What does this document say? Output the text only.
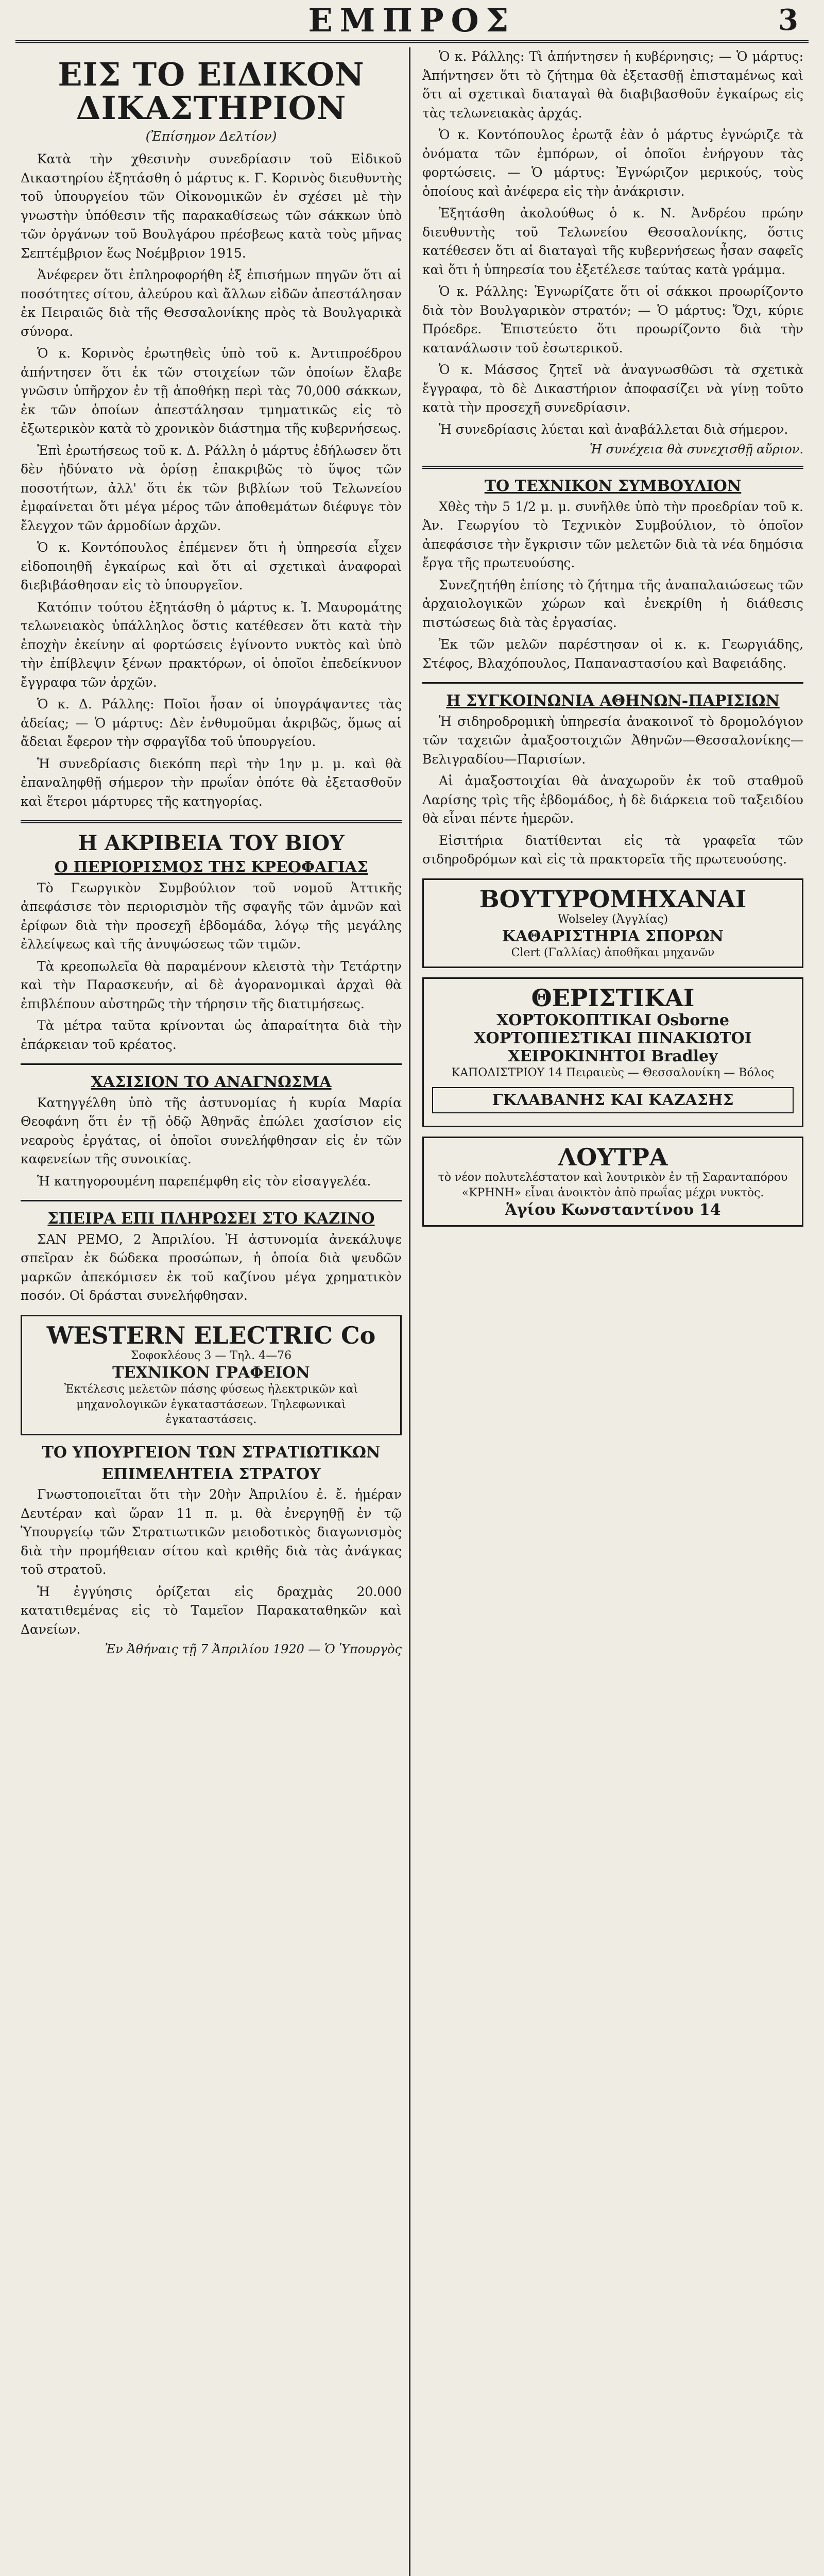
ΕΜΠΡΟΣ	3
ΕΙΣ ΤΟ ΕΙΔΙΚΟΝ ΔΙΚΑΣΤΗΡΙΟΝ
(Ἐπίσημον Δελτίον)

Κατὰ τὴν χθεσινὴν συνεδρίασιν τοῦ Εἰδικοῦ Δικαστηρίου ἐξητάσθη ὁ μάρτυς κ. Γ. Κορινὸς διευθυντὴς τοῦ ὑπουργείου τῶν Οἰκονομικῶν ἐν σχέσει μὲ τὴν γνωστὴν ὑπόθεσιν τῆς παρακαθίσεως τῶν σάκκων ὑπὸ τῶν ὀργάνων τοῦ Βουλγάρου πρέσβεως κατὰ τοὺς μῆνας Σεπτέμβριον ἕως Νοέμβριον 1915.

Ἀνέφερεν ὅτι ἐπληροφορήθη ἐξ ἐπισήμων πηγῶν ὅτι αἱ ποσότητες σίτου, ἀλεύρου καὶ ἄλλων εἰδῶν ἀπεστάλησαν ἐκ Πειραιῶς διὰ τῆς Θεσσαλονίκης πρὸς τὰ Βουλγαρικὰ σύνορα.

Ὁ κ. Κορινὸς ἐρωτηθεὶς ὑπὸ τοῦ κ. Ἀντιπροέδρου ἀπήντησεν ὅτι ἐκ τῶν στοιχείων τῶν ὁποίων ἔλαβε γνῶσιν ὑπῆρχον ἐν τῇ ἀποθήκῃ περὶ τὰς 70,000 σάκκων, ἐκ τῶν ὁποίων ἀπεστάλησαν τμηματικῶς εἰς τὸ ἐξωτερικὸν κατὰ τὸ χρονικὸν διάστημα τῆς κυβερνήσεως.

Ἐπὶ ἐρωτήσεως τοῦ κ. Δ. Ράλλη ὁ μάρτυς ἐδήλωσεν ὅτι δὲν ἠδύνατο νὰ ὁρίσῃ ἐπακριβῶς τὸ ὕψος τῶν ποσοτήτων, ἀλλ' ὅτι ἐκ τῶν βιβλίων τοῦ Τελωνείου ἐμφαίνεται ὅτι μέγα μέρος τῶν ἀποθεμάτων διέφυγε τὸν ἔλεγχον τῶν ἁρμοδίων ἀρχῶν.

Ὁ κ. Κοντόπουλος ἐπέμενεν ὅτι ἡ ὑπηρεσία εἶχεν εἰδοποιηθῆ ἐγκαίρως καὶ ὅτι αἱ σχετικαὶ ἀναφοραὶ διεβιβάσθησαν εἰς τὸ ὑπουργεῖον.

Κατόπιν τούτου ἐξητάσθη ὁ μάρτυς κ. Ἰ. Μαυρομάτης τελωνειακὸς ὑπάλληλος ὅστις κατέθεσεν ὅτι κατὰ τὴν ἐποχὴν ἐκείνην αἱ φορτώσεις ἐγίνοντο νυκτὸς καὶ ὑπὸ τὴν ἐπίβλεψιν ξένων πρακτόρων, οἱ ὁποῖοι ἐπεδείκνυον ἔγγραφα τῶν ἀρχῶν.

Ὁ κ. Δ. Ράλλης: Ποῖοι ἦσαν οἱ ὑπογράψαντες τὰς ἀδείας; — Ὁ μάρτυς: Δὲν ἐνθυμοῦμαι ἀκριβῶς, ὅμως αἱ ἄδειαι ἔφερον τὴν σφραγῖδα τοῦ ὑπουργείου.

Ἡ συνεδρίασις διεκόπη περὶ τὴν 1ην μ. μ. καὶ θὰ ἐπαναληφθῇ σήμερον τὴν πρωΐαν ὁπότε θὰ ἐξετασθοῦν καὶ ἕτεροι μάρτυρες τῆς κατηγορίας.

Η ΑΚΡΙΒΕΙΑ ΤΟΥ ΒΙΟΥ
Ο ΠΕΡΙΟΡΙΣΜΟΣ ΤΗΣ ΚΡΕΟΦΑΓΙΑΣ

Τὸ Γεωργικὸν Συμβούλιον τοῦ νομοῦ Ἀττικῆς ἀπεφάσισε τὸν περιορισμὸν τῆς σφαγῆς τῶν ἀμνῶν καὶ ἐρίφων διὰ τὴν προσεχῆ ἑβδομάδα, λόγῳ τῆς μεγάλης ἐλλείψεως καὶ τῆς ἀνυψώσεως τῶν τιμῶν.

Τὰ κρεοπωλεῖα θὰ παραμένουν κλειστὰ τὴν Τετάρτην καὶ τὴν Παρασκευήν, αἱ δὲ ἀγορανομικαὶ ἀρχαὶ θὰ ἐπιβλέπουν αὐστηρῶς τὴν τήρησιν τῆς διατιμήσεως.

Τὰ μέτρα ταῦτα κρίνονται ὡς ἀπαραίτητα διὰ τὴν ἐπάρκειαν τοῦ κρέατος.

ΧΑΣΙΣΙΟΝ ΤΟ ΑΝΑΓΝΩΣΜΑ

Κατηγγέλθη ὑπὸ τῆς ἀστυνομίας ἡ κυρία Μαρία Θεοφάνη ὅτι ἐν τῇ ὁδῷ Ἀθηνᾶς ἐπώλει χασίσιον εἰς νεαροὺς ἐργάτας, οἱ ὁποῖοι συνελήφθησαν εἰς ἐν τῶν καφενείων τῆς συνοικίας.

Ἡ κατηγορουμένη παρεπέμφθη εἰς τὸν εἰσαγγελέα.

ΣΠΕΙΡΑ ΕΠΙ ΠΛΗΡΩΣΕΙ ΣΤΟ ΚΑΖΙΝΟ

ΣΑΝ ΡΕΜΟ, 2 Ἀπριλίου. Ἡ ἀστυνομία ἀνεκάλυψε σπεῖραν ἐκ δώδεκα προσώπων, ἡ ὁποία διὰ ψευδῶν μαρκῶν ἀπεκόμισεν ἐκ τοῦ καζίνου μέγα χρηματικὸν ποσόν. Οἱ δράσται συνελήφθησαν.

WESTERN ELECTRIC Co
Σοφοκλέους 3 — Τηλ. 4—76
ΤΕΧΝΙΚΟΝ ΓΡΑΦΕΙΟΝ
Ἐκτέλεσις μελετῶν πάσης φύσεως ἠλεκτρικῶν καὶ μηχανολογικῶν ἐγκαταστάσεων. Τηλεφωνικαὶ ἐγκαταστάσεις.
ΤΟ ΥΠΟΥΡΓΕΙΟΝ ΤΩΝ ΣΤΡΑΤΙΩΤΙΚΩΝ
ΕΠΙΜΕΛΗΤΕΙΑ ΣΤΡΑΤΟΥ

Γνωστοποιεῖται ὅτι τὴν 20ὴν Ἀπριλίου ἐ. ἔ. ἡμέραν Δευτέραν καὶ ὥραν 11 π. μ. θὰ ἐνεργηθῇ ἐν τῷ Ὑπουργείῳ τῶν Στρατιωτικῶν μειοδοτικὸς διαγωνισμὸς διὰ τὴν προμήθειαν σίτου καὶ κριθῆς διὰ τὰς ἀνάγκας τοῦ στρατοῦ.

Ἡ ἐγγύησις ὁρίζεται εἰς δραχμὰς 20.000 κατατιθεμένας εἰς τὸ Ταμεῖον Παρακαταθηκῶν καὶ Δανείων.

Ἐν Ἀθήναις τῇ 7 Ἀπριλίου 1920 — Ὁ Ὑπουργὸς

Ὁ κ. Ράλλης: Τὶ ἀπήντησεν ἡ κυβέρνησις; — Ὁ μάρτυς: Ἀπήντησεν ὅτι τὸ ζήτημα θὰ ἐξετασθῇ ἐπισταμένως καὶ ὅτι αἱ σχετικαὶ διαταγαὶ θὰ διαβιβασθοῦν ἐγκαίρως εἰς τὰς τελωνειακὰς ἀρχάς.

Ὁ κ. Κοντόπουλος ἐρωτᾷ ἐὰν ὁ μάρτυς ἐγνώριζε τὰ ὀνόματα τῶν ἐμπόρων, οἱ ὁποῖοι ἐνήργουν τὰς φορτώσεις. — Ὁ μάρτυς: Ἐγνώριζον μερικούς, τοὺς ὁποίους καὶ ἀνέφερα εἰς τὴν ἀνάκρισιν.

Ἐξητάσθη ἀκολούθως ὁ κ. Ν. Ἀνδρέου πρώην διευθυντὴς τοῦ Τελωνείου Θεσσαλονίκης, ὅστις κατέθεσεν ὅτι αἱ διαταγαὶ τῆς κυβερνήσεως ἦσαν σαφεῖς καὶ ὅτι ἡ ὑπηρεσία του ἐξετέλεσε ταύτας κατὰ γράμμα.

Ὁ κ. Ράλλης: Ἐγνωρίζατε ὅτι οἱ σάκκοι προωρίζοντο διὰ τὸν Βουλγαρικὸν στρατόν; — Ὁ μάρτυς: Ὄχι, κύριε Πρόεδρε. Ἐπιστεύετο ὅτι προωρίζοντο διὰ τὴν κατανάλωσιν τοῦ ἐσωτερικοῦ.

Ὁ κ. Μάσσος ζητεῖ νὰ ἀναγνωσθῶσι τὰ σχετικὰ ἔγγραφα, τὸ δὲ Δικαστήριον ἀποφασίζει νὰ γίνῃ τοῦτο κατὰ τὴν προσεχῆ συνεδρίασιν.

Ἡ συνεδρίασις λύεται καὶ ἀναβάλλεται διὰ σήμερον.

Ἡ συνέχεια θὰ συνεχισθῇ αὔριον.
ΤΟ ΤΕΧΝΙΚΟΝ ΣΥΜΒΟΥΛΙΟΝ

Χθὲς τὴν 5 1/2 μ. μ. συνῆλθε ὑπὸ τὴν προεδρίαν τοῦ κ. Ἀν. Γεωργίου τὸ Τεχνικὸν Συμβούλιον, τὸ ὁποῖον ἀπεφάσισε τὴν ἔγκρισιν τῶν μελετῶν διὰ τὰ νέα δημόσια ἔργα τῆς πρωτευούσης.

Συνεζητήθη ἐπίσης τὸ ζήτημα τῆς ἀναπαλαιώσεως τῶν ἀρχαιολογικῶν χώρων καὶ ἐνεκρίθη ἡ διάθεσις πιστώσεως διὰ τὰς ἐργασίας.

Ἐκ τῶν μελῶν παρέστησαν οἱ κ. κ. Γεωργιάδης, Στέφος, Βλαχόπουλος, Παπαναστασίου καὶ Βαφειάδης.

Η ΣΥΓΚΟΙΝΩΝΙΑ ΑΘΗΝΩΝ-ΠΑΡΙΣΙΩΝ

Ἡ σιδηροδρομικὴ ὑπηρεσία ἀνακοινοῖ τὸ δρομολόγιον τῶν ταχειῶν ἀμαξοστοιχιῶν Ἀθηνῶν—Θεσσαλονίκης—Βελιγραδίου—Παρισίων.

Αἱ ἀμαξοστοιχίαι θὰ ἀναχωροῦν ἐκ τοῦ σταθμοῦ Λαρίσης τρὶς τῆς ἑβδομάδος, ἡ δὲ διάρκεια τοῦ ταξειδίου θὰ εἶναι πέντε ἡμερῶν.

Εἰσιτήρια διατίθενται εἰς τὰ γραφεῖα τῶν σιδηροδρόμων καὶ εἰς τὰ πρακτορεῖα τῆς πρωτευούσης.

ΒΟΥΤΥΡΟΜΗΧΑΝΑΙ
Wolseley (Ἀγγλίας)
ΚΑΘΑΡΙΣΤΗΡΙΑ ΣΠΟΡΩΝ
Clert (Γαλλίας) ἀποθῆκαι μηχανῶν
ΘΕΡΙΣΤΙΚΑΙ
ΧΟΡΤΟΚΟΠΤΙΚΑΙ Osborne
ΧΟΡΤΟΠΙΕΣΤΙΚΑΙ ΠΙΝΑΚΙΩΤΟΙ
ΧΕΙΡΟΚΙΝΗΤΟΙ Bradley
ΚΑΠΟΔΙΣΤΡΙΟΥ 14 Πειραιεὺς — Θεσσαλονίκη — Βόλος
ΓΚΛΑΒΑΝΗΣ ΚΑΙ ΚΑΖΑΣΗΣ
ΛΟΥΤΡΑ
τὸ νέον πολυτελέστατον καὶ λουτρικὸν ἐν τῇ Σαρανταπόρου «ΚΡΗΝΗ» εἶναι ἀνοικτὸν ἀπὸ πρωΐας μέχρι νυκτὸς.
Ἁγίου Κωνσταντίνου 14
